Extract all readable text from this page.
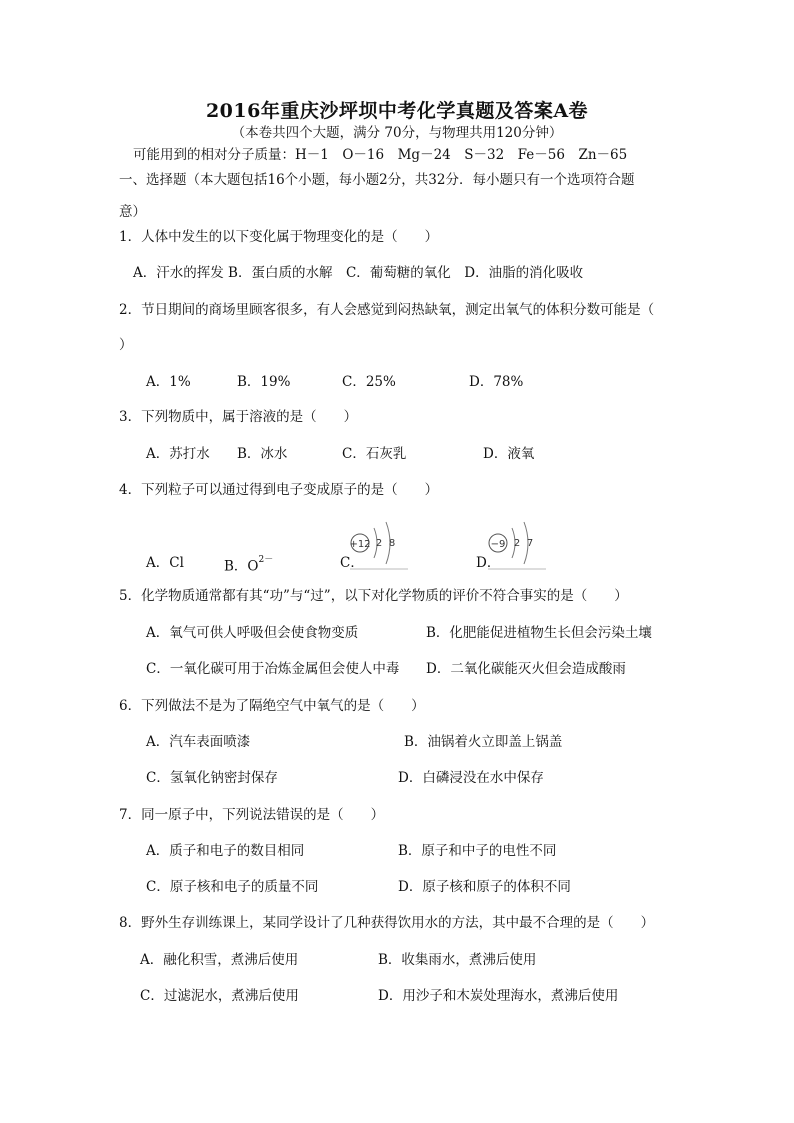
2016年重庆沙坪坝中考化学真题及答案A卷
（本卷共四个大题，满分 70分，与物理共用120分钟）
可能用到的相对分子质量：H－1　O－16　Mg－24　S－32　Fe－56　Zn－65
一、选择题（本大题包括16个小题，每小题2分，共32分．每小题只有一个选项符合题
意）
1．人体中发生的以下变化属于物理变化的是（　　）
A．汗水的挥发 B．蛋白质的水解　C．葡萄糖的氧化　D．油脂的消化吸收
2．节日期间的商场里顾客很多，有人会感觉到闷热缺氧，测定出氧气的体积分数可能是（
）
A．1%	B．19%	C．25%	D．78%
3．下列物质中，属于溶液的是（　　）
A．苏打水 B．冰水	C．石灰乳	D．液氧
4．下列粒子可以通过得到电子变成原子的是（　　）
A．Cl	B．$O^{2-}$	C．	D．
+12 2 8	−9 2 7
5．化学物质通常都有其“功”与“过”，以下对化学物质的评价不符合事实的是（　　）
A．氧气可供人呼吸但会使食物变质	B．化肥能促进植物生长但会污染土壤
C．一氧化碳可用于冶炼金属但会使人中毒 D．二氧化碳能灭火但会造成酸雨
6．下列做法不是为了隔绝空气中氧气的是（　　）
A．汽车表面喷漆	B．油锅着火立即盖上锅盖
C．氢氧化钠密封保存	D．白磷浸没在水中保存
7．同一原子中，下列说法错误的是（　　）
A．质子和电子的数目相同	B．原子和中子的电性不同
C．原子核和电子的质量不同	D．原子核和原子的体积不同
8．野外生存训练课上，某同学设计了几种获得饮用水的方法，其中最不合理的是（　　）
A．融化积雪，煮沸后使用	B．收集雨水，煮沸后使用
C．过滤泥水，煮沸后使用	D．用沙子和木炭处理海水，煮沸后使用
